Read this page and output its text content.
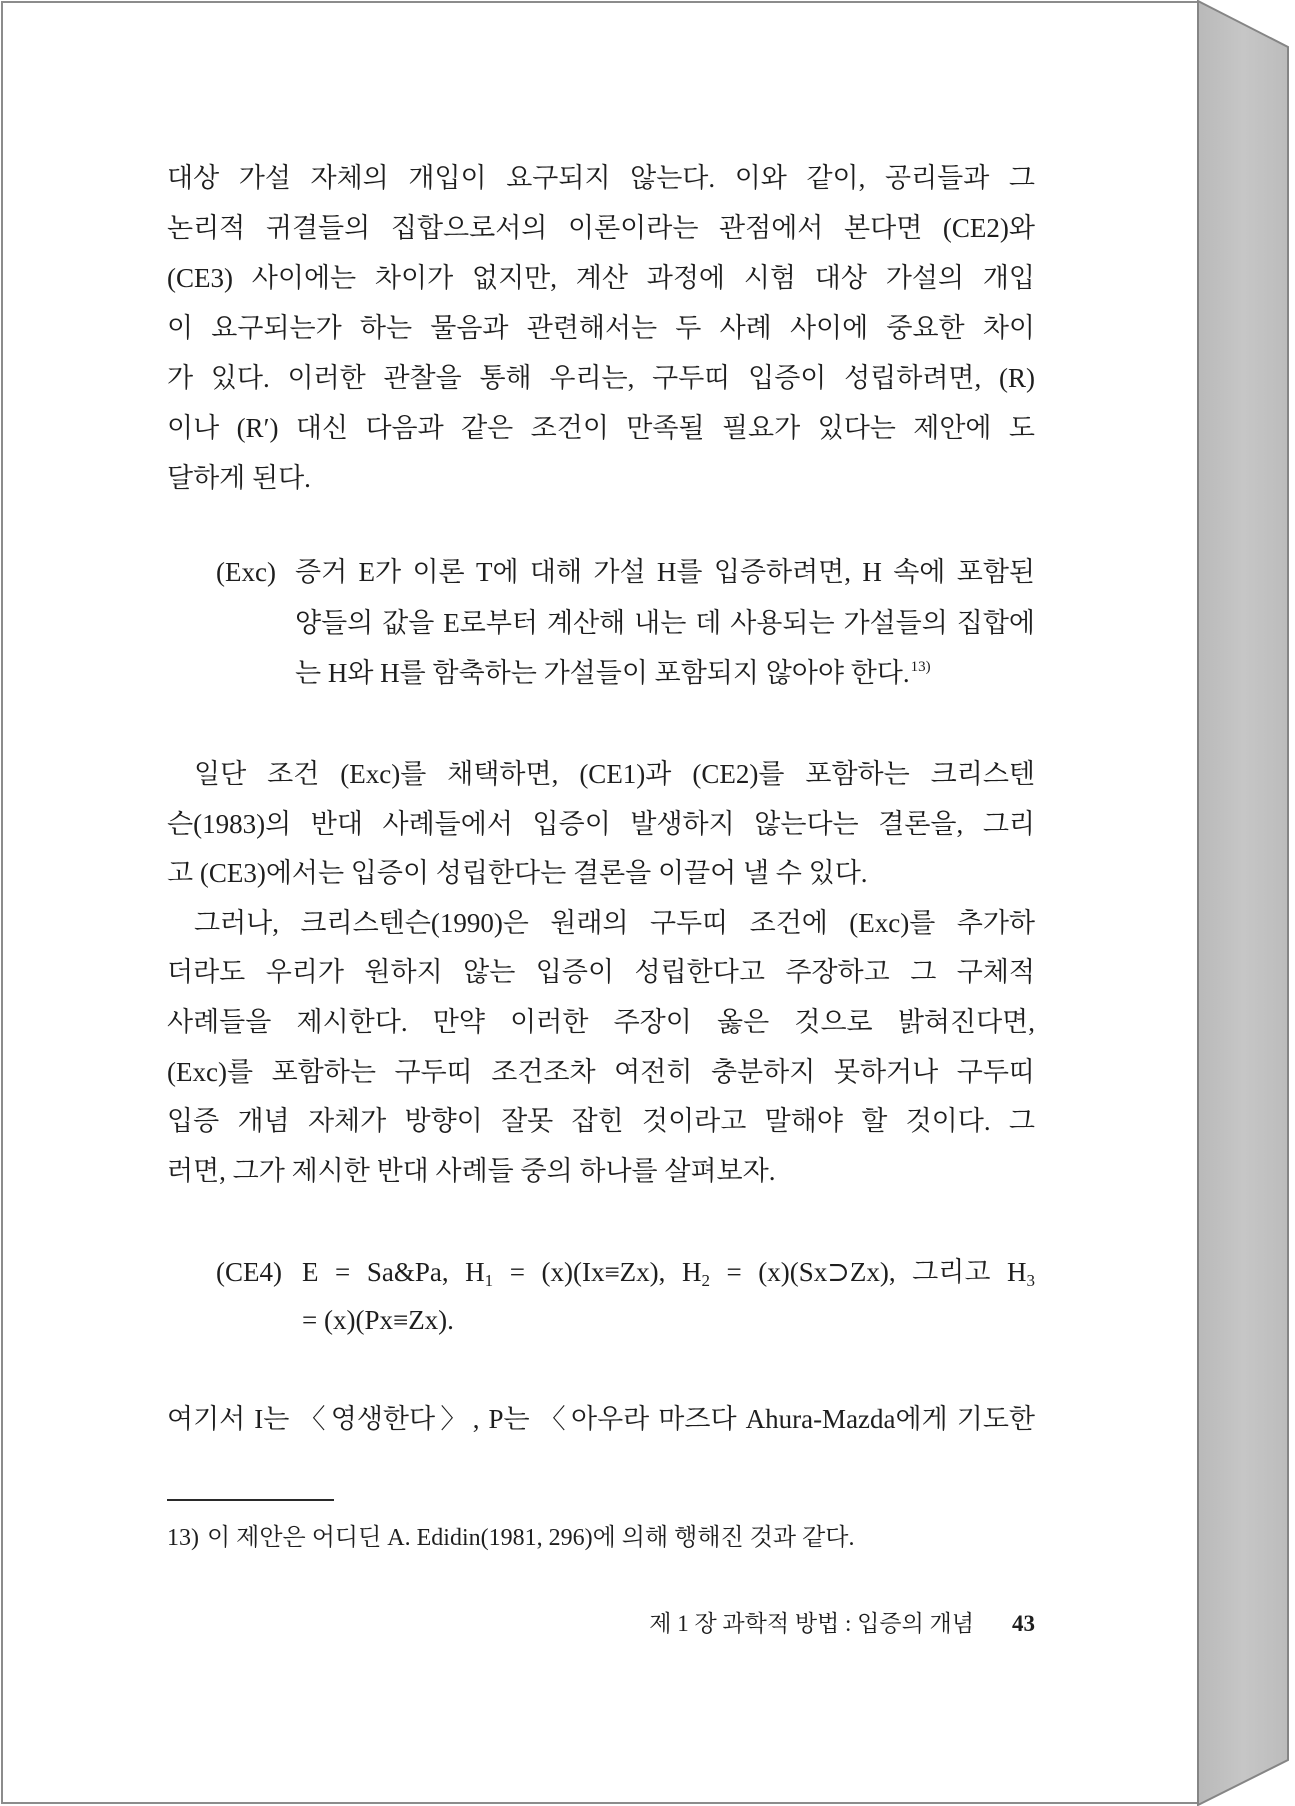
대상 가설 자체의 개입이 요구되지 않는다. 이와 같이, 공리들과 그
논리적 귀결들의 집합으로서의 이론이라는 관점에서 본다면 (CE2)와
(CE3) 사이에는 차이가 없지만, 계산 과정에 시험 대상 가설의 개입
이 요구되는가 하는 물음과 관련해서는 두 사례 사이에 중요한 차이
가 있다. 이러한 관찰을 통해 우리는, 구두띠 입증이 성립하려면, (R)
이나 (R′) 대신 다음과 같은 조건이 만족될 필요가 있다는 제안에 도
달하게 된다.
(Exc) 증거 E가 이론 T에 대해 가설 H를 입증하려면, H 속에 포함된
양들의 값을 E로부터 계산해 내는 데 사용되는 가설들의 집합에
는 H와 H를 함축하는 가설들이 포함되지 않아야 한다.$^{13)}$
일단 조건 (Exc)를 채택하면, (CE1)과 (CE2)를 포함하는 크리스텐
슨(1983)의 반대 사례들에서 입증이 발생하지 않는다는 결론을, 그리
고 (CE3)에서는 입증이 성립한다는 결론을 이끌어 낼 수 있다.
그러나, 크리스텐슨(1990)은 원래의 구두띠 조건에 (Exc)를 추가하
더라도 우리가 원하지 않는 입증이 성립한다고 주장하고 그 구체적
사례들을 제시한다. 만약 이러한 주장이 옳은 것으로 밝혀진다면,
(Exc)를 포함하는 구두띠 조건조차 여전히 충분하지 못하거나 구두띠
입증 개념 자체가 방향이 잘못 잡힌 것이라고 말해야 할 것이다. 그
러면, 그가 제시한 반대 사례들 중의 하나를 살펴보자.
(CE4) E = Sa&Pa, $H_1 = (x)(Ix\equiv Zx)$, $H_2$ = (x)(Sx⊃Zx), 그리고 $H_3$
= (x)(Px≡Zx).
여기서 I는 〈영생한다〉, P는 〈아우라 마즈다 Ahura-Mazda에게 기도한
13) 이 제안은 어디딘 A. Edidin(1981, 296)에 의해 행해진 것과 같다.
제 1 장 과학적 방법 : 입증의 개념 43
